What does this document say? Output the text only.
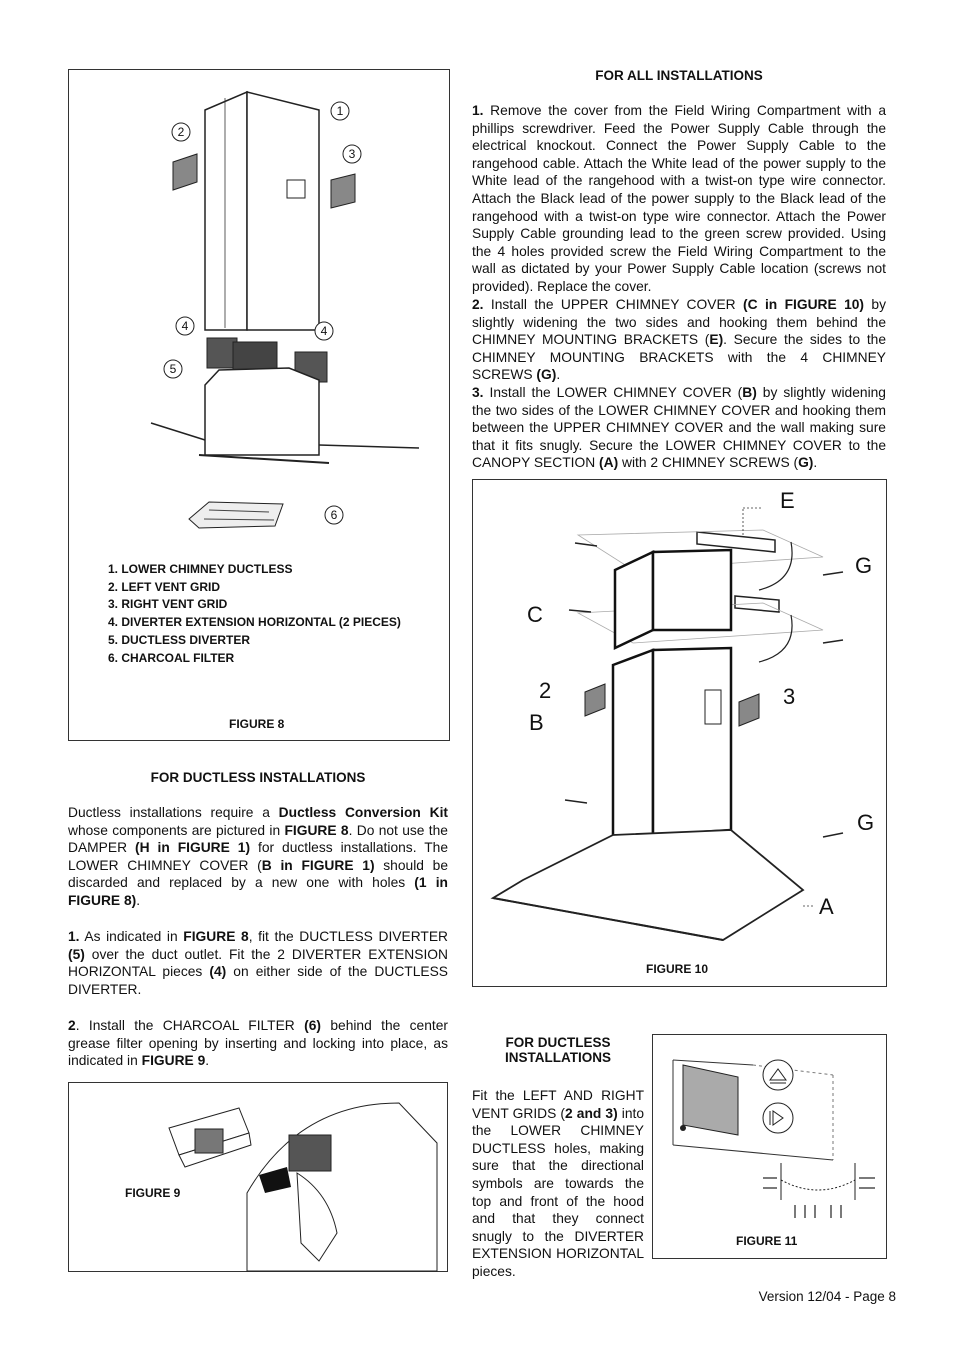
1
2
3
4	4
5
6
1. LOWER CHIMNEY DUCTLESS
2. LEFT VENT GRID
3. RIGHT VENT GRID
4. DIVERTER EXTENSION HORIZONTAL (2 PIECES)
5. DUCTLESS DIVERTER
6. CHARCOAL FILTER
FIGURE 8
FOR DUCTLESS INSTALLATIONS
Ductless installations require a Ductless Conversion Kit whose components are pictured in FIGURE 8. Do not use the DAMPER (H in FIGURE 1) for ductless installations. The LOWER CHIMNEY COVER (B in FIGURE 1) should be discarded and replaced by a new one with holes (1 in FIGURE 8).
1. As indicated in FIGURE 8, fit the DUCTLESS DIVERTER (5) over the duct outlet. Fit the 2 DIVERTER EXTENSION HORIZONTAL pieces (4) on either side of the DUCTLESS DIVERTER.
2. Install the CHARCOAL FILTER (6) behind the center grease filter opening by inserting and locking into place, as indicated in FIGURE 9.
FIGURE 9
FOR ALL INSTALLATIONS
1. Remove the cover from the Field Wiring Compartment with a phillips screwdriver. Feed the Power Supply Cable through the electrical knockout. Connect the Power Supply Cable to the rangehood cable. Attach the White lead of the power supply to the White lead of the rangehood with a twist-on type wire connector. Attach the Black lead of the power supply to the Black lead of the rangehood with a twist-on type wire connector. Attach the Power Supply Cable grounding lead to the green screw provided. Using the 4 holes provided screw the Field Wiring Compartment to the wall as dictated by your Power Supply Cable location (screws not provided). Replace the cover.
2. Install the UPPER CHIMNEY COVER (C in FIGURE 10) by slightly widening the two sides and hooking them behind the CHIMNEY MOUNTING BRACKETS (E). Secure the sides to the CHIMNEY MOUNTING BRACKETS with the 4 CHIMNEY SCREWS (G).
3. Install the LOWER CHIMNEY COVER (B) by slightly widening the two sides of the LOWER CHIMNEY COVER and hooking them between the UPPER CHIMNEY COVER and the wall making sure that it fits snugly. Secure the LOWER CHIMNEY COVER to the CANOPY SECTION (A) with 2 CHIMNEY SCREWS (G).
E
G
C
2	3
B
G
A
FIGURE 10
FOR DUCTLESS
INSTALLATIONS
Fit the LEFT AND RIGHT VENT GRIDS (2 and 3) into the LOWER CHIMNEY DUCTLESS holes, making sure that the directional symbols are towards the top and front of the hood and that they connect snugly to the DIVERTER EXTENSION HORIZONTAL pieces.
FIGURE 11
Version 12/04 - Page 8
